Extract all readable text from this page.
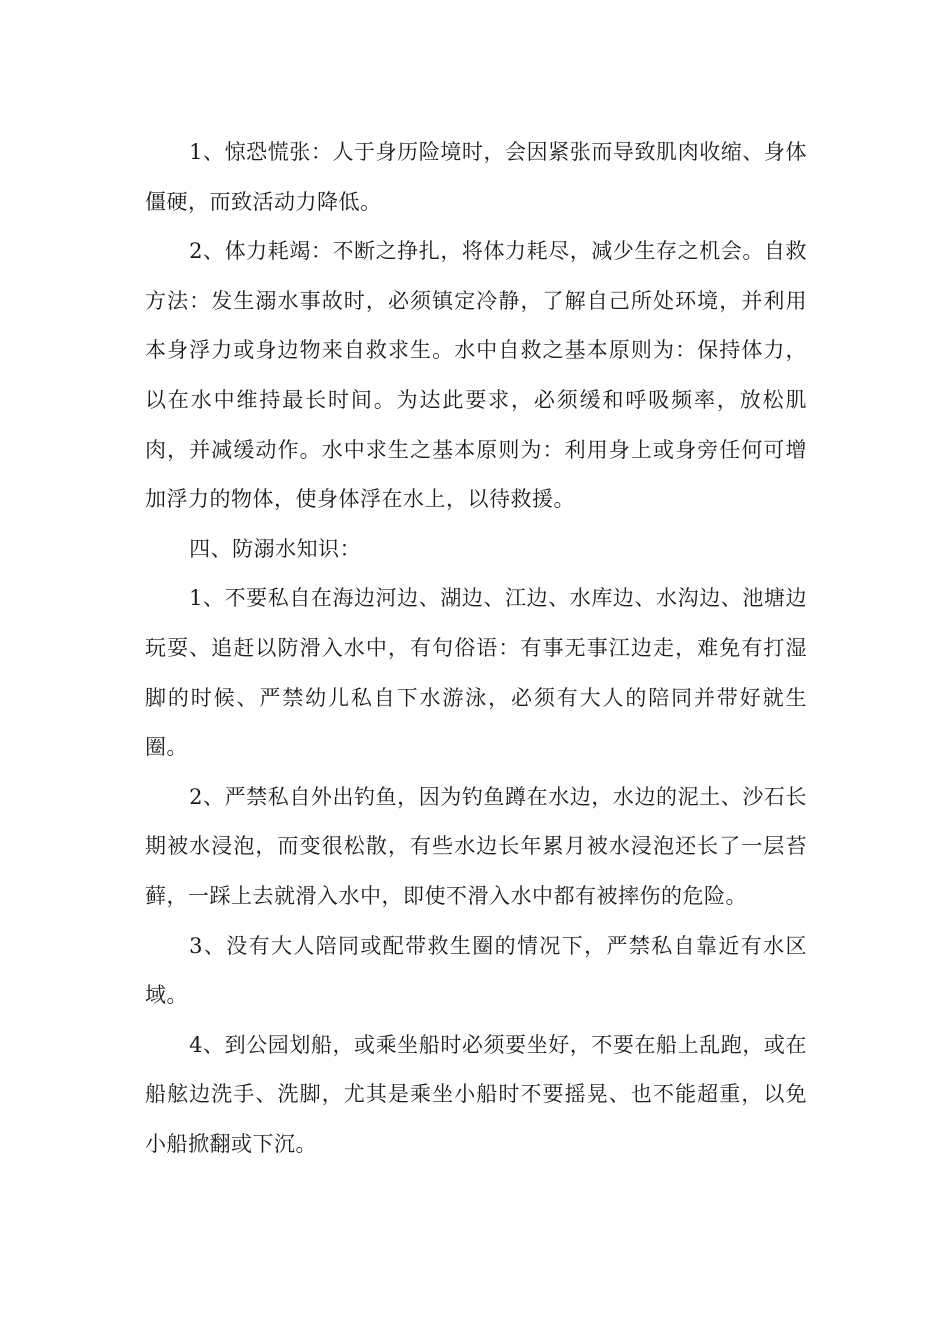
1、惊恐慌张：人于身历险境时，会因紧张而导致肌肉收缩、身体僵硬，而致活动力降低。

2、体力耗竭：不断之挣扎，将体力耗尽，减少生存之机会。自救方法：发生溺水事故时，必须镇定冷静，了解自己所处环境，并利用本身浮力或身边物来自救求生。水中自救之基本原则为：保持体力，以在水中维持最长时间。为达此要求，必须缓和呼吸频率，放松肌肉，并减缓动作。水中求生之基本原则为：利用身上或身旁任何可增加浮力的物体，使身体浮在水上，以待救援。

四、防溺水知识：

1、不要私自在海边河边、湖边、江边、水库边、水沟边、池塘边玩耍、追赶以防滑入水中，有句俗语：有事无事江边走，难免有打湿脚的时候、严禁幼儿私自下水游泳，必须有大人的陪同并带好就生圈。

2、严禁私自外出钓鱼，因为钓鱼蹲在水边，水边的泥土、沙石长期被水浸泡，而变很松散，有些水边长年累月被水浸泡还长了一层苔藓，一踩上去就滑入水中，即使不滑入水中都有被摔伤的危险。

3、没有大人陪同或配带救生圈的情况下，严禁私自靠近有水区域。

4、到公园划船，或乘坐船时必须要坐好，不要在船上乱跑，或在船舷边洗手、洗脚，尤其是乘坐小船时不要摇晃、也不能超重，以免小船掀翻或下沉。
